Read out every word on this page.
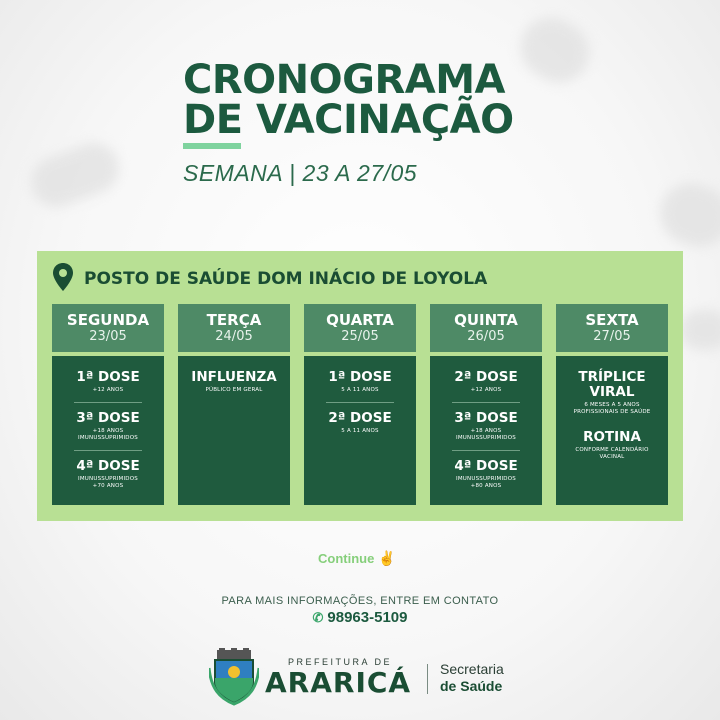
CRONOGRAMA
DE VACINAÇÃO
SEMANA | 23 A 27/05
POSTO DE SAÚDE DOM INÁCIO DE LOYOLA
SEGUNDA
23/05
1ª DOSE
+12 ANOS
3ª DOSE
+18 ANOS
IMUNUSSUPRIMIDOS
4ª DOSE
IMUNUSSUPRIMIDOS
+70 ANOS
TERÇA
24/05
INFLUENZA
PÚBLICO EM GERAL
QUARTA
25/05
1ª DOSE
5 A 11 ANOS
2ª DOSE
5 A 11 ANOS
QUINTA
26/05
2ª DOSE
+12 ANOS
3ª DOSE
+18 ANOS
IMUNUSSUPRIMIDOS
4ª DOSE
IMUNUSSUPRIMIDOS
+80 ANOS
SEXTA
27/05
TRÍPLICE
VIRAL
6 MESES A 5 ANOS
PROFISSIONAIS DE SAÚDE
ROTINA
CONFORME CALENDÁRIO
VACINAL
Continue ✌
PARA MAIS INFORMAÇÕES, ENTRE EM CONTATO
✆ 98963-5109
PREFEITURA DE
ARARICÁ Secretaria
de Saúde
